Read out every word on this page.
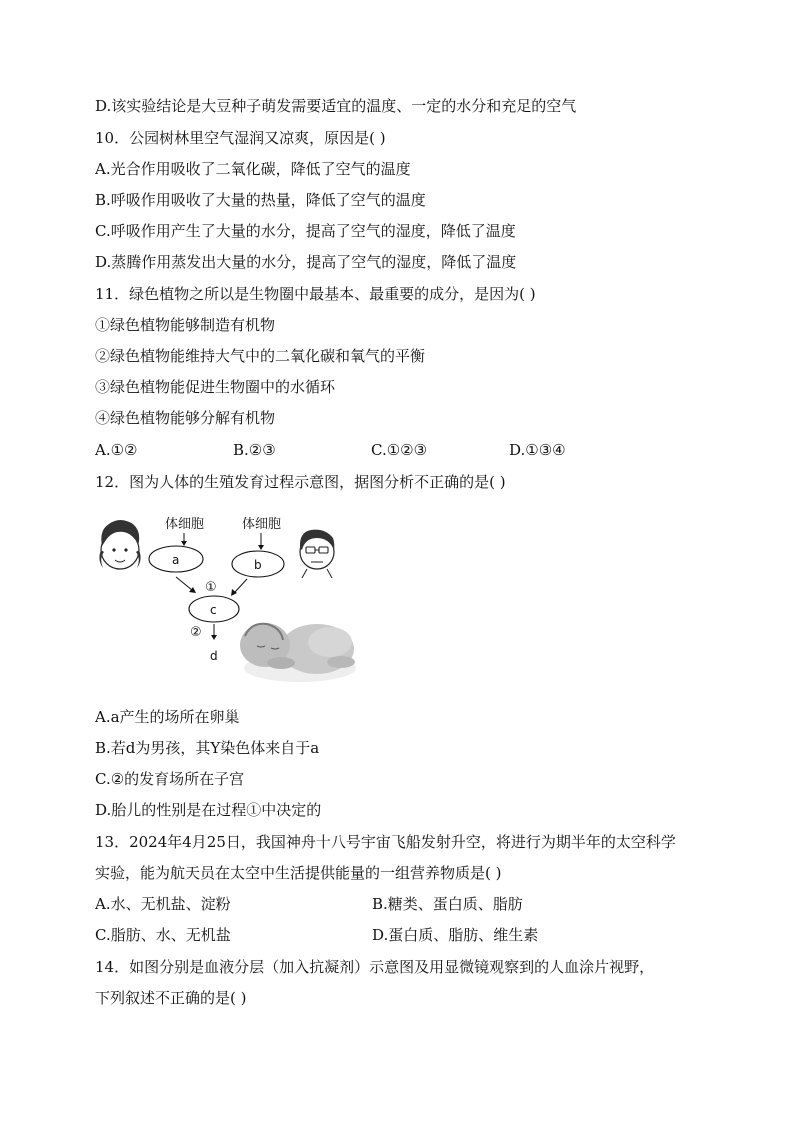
D.该实验结论是大豆种子萌发需要适宜的温度、一定的水分和充足的空气
10．公园树林里空气湿润又凉爽，原因是( )
A.光合作用吸收了二氧化碳，降低了空气的温度
B.呼吸作用吸收了大量的热量，降低了空气的温度
C.呼吸作用产生了大量的水分，提高了空气的湿度，降低了温度
D.蒸腾作用蒸发出大量的水分，提高了空气的湿度，降低了温度
11．绿色植物之所以是生物圈中最基本、最重要的成分，是因为( )
①绿色植物能够制造有机物
②绿色植物能维持大气中的二氧化碳和氧气的平衡
③绿色植物能促进生物圈中的水循环
④绿色植物能够分解有机物
A.①②	B.②③	C.①②③	D.①③④
12．图为人体的生殖发育过程示意图，据图分析不正确的是( )
体细胞	体细胞
a	b
c
①
②
d
A.a产生的场所在卵巢
B.若d为男孩，其Y染色体来自于a
C.②的发育场所在子宫
D.胎儿的性别是在过程①中决定的
13．2024年4月25日，我国神舟十八号宇宙飞船发射升空，将进行为期半年的太空科学
实验，能为航天员在太空中生活提供能量的一组营养物质是( )
A.水、无机盐、淀粉	B.糖类、蛋白质、脂肪
C.脂肪、水、无机盐	D.蛋白质、脂肪、维生素
14．如图分别是血液分层（加入抗凝剂）示意图及用显微镜观察到的人血涂片视野，
下列叙述不正确的是( )
